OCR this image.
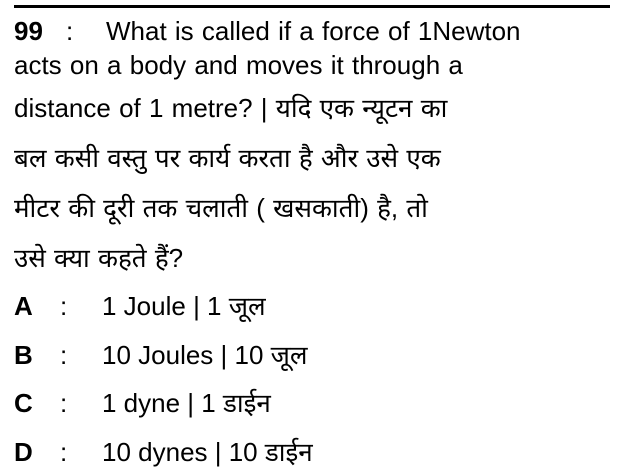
99 : What is called if a force of 1Newton
acts on a body and moves it through a
distance of 1 metre? | यदि एक न्यूटन का
बल कसी वस्तु पर कार्य करता है और उसे एक
मीटर की दूरी तक चलाती ( खसकाती) है, तो
उसे क्या कहते हैं?
A : 1 Joule | 1 जूल
B : 10 Joules | 10 जूल
C : 1 dyne | 1 डाईन
D : 10 dynes | 10 डाईन
